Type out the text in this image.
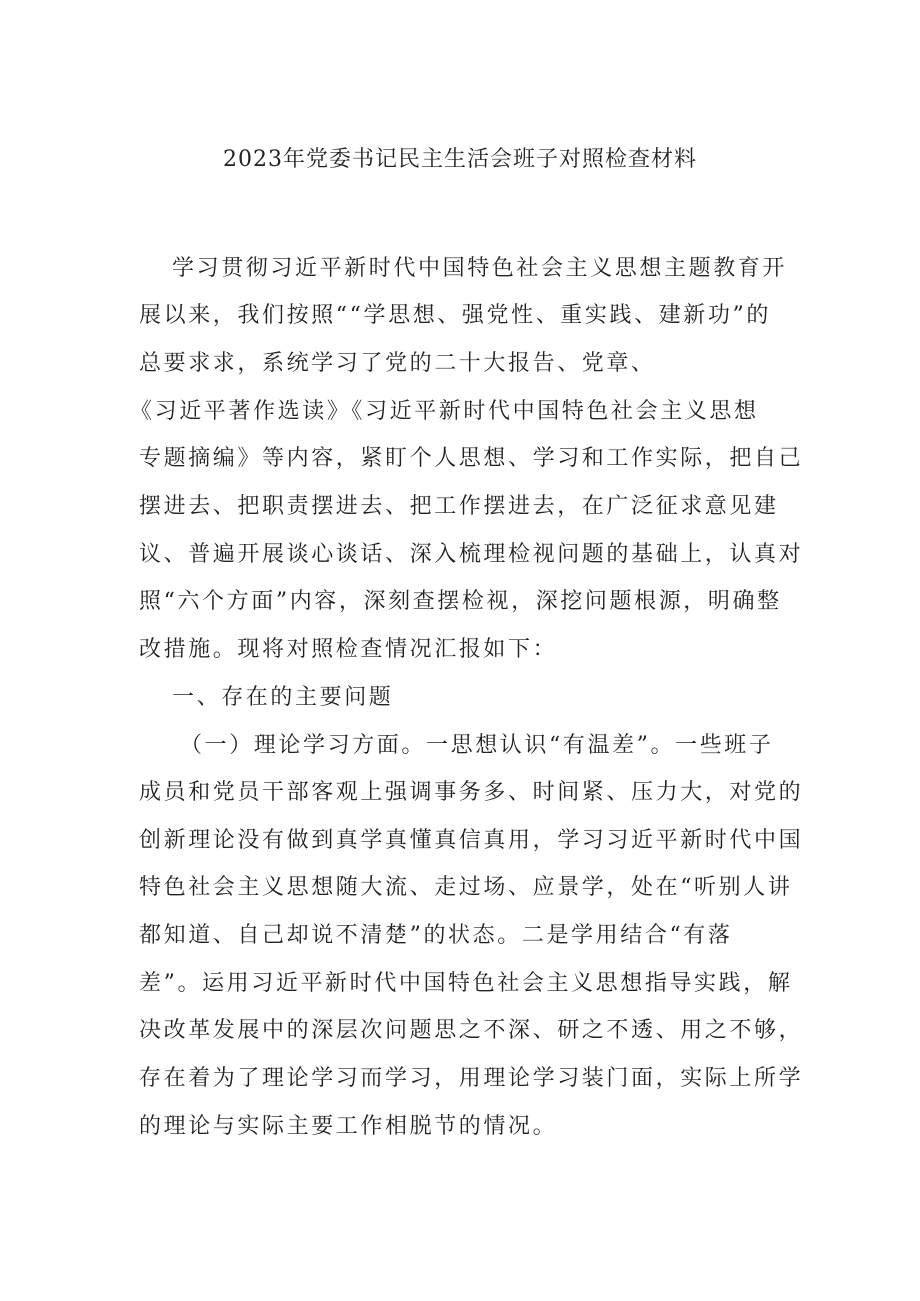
2023年党委书记民主生活会班子对照检查材料
学习贯彻习近平新时代中国特色社会主义思想主题教育开
展以来，我们按照““学思想、强党性、重实践、建新功”的
总要求求，系统学习了党的二十大报告、党章、
《习近平著作选读》《习近平新时代中国特色社会主义思想
专题摘编》等内容，紧盯个人思想、学习和工作实际，把自己
摆进去、把职责摆进去、把工作摆进去，在广泛征求意见建
议、普遍开展谈心谈话、深入梳理检视问题的基础上，认真对
照“六个方面”内容，深刻查摆检视，深挖问题根源，明确整
改措施。现将对照检查情况汇报如下：
一、存在的主要问题
（一）理论学习方面。一思想认识“有温差”。一些班子
成员和党员干部客观上强调事务多、时间紧、压力大，对党的
创新理论没有做到真学真懂真信真用，学习习近平新时代中国
特色社会主义思想随大流、走过场、应景学，处在“听别人讲
都知道、自己却说不清楚”的状态。二是学用结合“有落
差”。运用习近平新时代中国特色社会主义思想指导实践，解
决改革发展中的深层次问题思之不深、研之不透、用之不够，
存在着为了理论学习而学习，用理论学习装门面，实际上所学
的理论与实际主要工作相脱节的情况。
